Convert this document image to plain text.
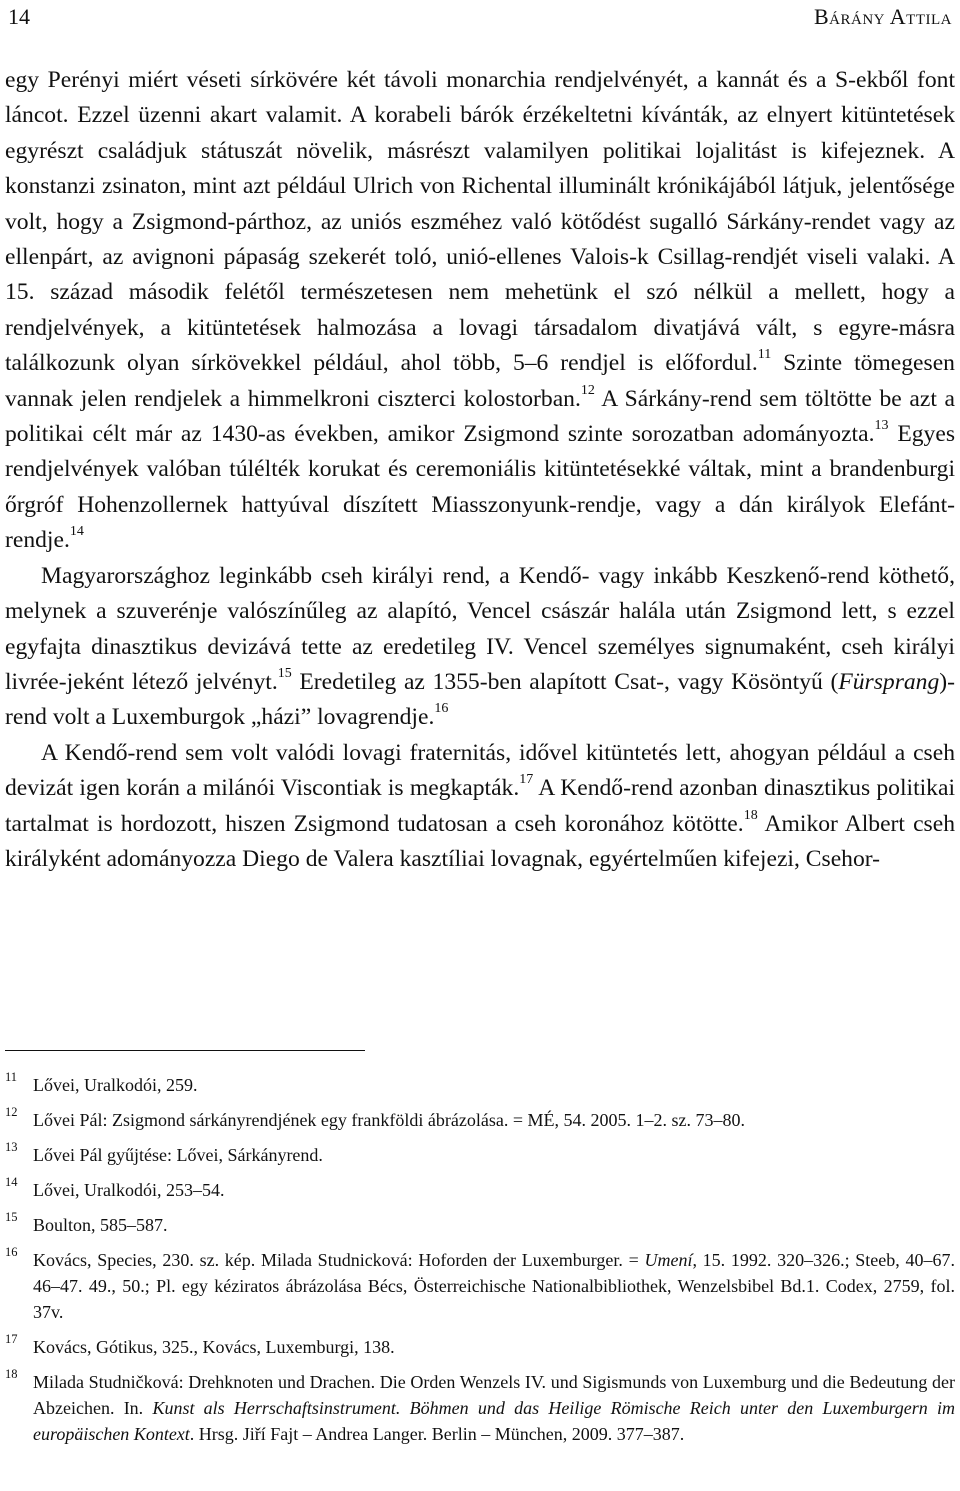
14	Bárány Attila

egy Perényi miért véseti sírkövére két távoli monarchia rendjelvényét, a kannát és a S-ekből font láncot. Ezzel üzenni akart valamit. A korabeli bárók érzékeltetni kívánták, az elnyert kitüntetések egyrészt családjuk státuszát növelik, másrészt valamilyen politikai lojalitást is kifejeznek. A konstanzi zsinaton, mint azt például Ulrich von Richental illuminált krónikájából látjuk, jelentősége volt, hogy a Zsigmond-párthoz, az uniós eszméhez való kötődést sugalló Sárkány-rendet vagy az ellenpárt, az avignoni pápaság szekerét toló, unió-ellenes Valois-k Csillag-rendjét viseli valaki. A 15. század második felétől természetesen nem mehetünk el szó nélkül a mellett, hogy a rendjelvények, a kitüntetések halmozása a lovagi társadalom divatjává vált, s egyre-másra találkozunk olyan sírkövekkel például, ahol több, 5–6 rendjel is előfordul.$^{11}$ Szinte tömegesen vannak jelen rendjelek a himmelkroni ciszterci kolostorban.$^{12}$ A Sárkány-rend sem töltötte be azt a politikai célt már az 1430-as években, amikor Zsigmond szinte sorozatban adományozta.$^{13}$ Egyes rendjelvények valóban túlélték korukat és ceremoniális kitüntetésekké váltak, mint a brandenburgi őrgróf Hohenzollernek hattyúval díszített Miasszonyunk-rendje, vagy a dán királyok Elefánt-rendje.$^{14}$

Magyarországhoz leginkább cseh királyi rend, a Kendő- vagy inkább Keszkenő-rend köthető, melynek a szuverénje valószínűleg az alapító, Vencel császár halála után Zsigmond lett, s ezzel egyfajta dinasztikus devizává tette az eredetileg IV. Vencel személyes signumaként, cseh királyi livrée-jeként létező jelvényt.$^{15}$ Eredetileg az 1355-ben alapított Csat-, vagy Kösöntyű (Fürsprang)-rend volt a Luxemburgok „házi” lovagrendje.$^{16}$

A Kendő-rend sem volt valódi lovagi fraternitás, idővel kitüntetés lett, ahogyan például a cseh devizát igen korán a milánói Viscontiak is megkapták.$^{17}$ A Kendő-rend azonban dinasztikus politikai tartalmat is hordozott, hiszen Zsigmond tudatosan a cseh koronához kötötte.$^{18}$ Amikor Albert cseh királyként adományozza Diego de Valera kasztíliai lovagnak, egyértelműen kifejezi, Csehor-

11 Lővei, Uralkodói, 259.
12 Lővei Pál: Zsigmond sárkányrendjének egy frankföldi ábrázolása. = MÉ, 54. 2005. 1–2. sz. 73–80.
13 Lővei Pál gyűjtése: Lővei, Sárkányrend.
14 Lővei, Uralkodói, 253–54.
15 Boulton, 585–587.
16 Kovács, Species, 230. sz. kép. Milada Studnicková: Hoforden der Luxemburger. = Umení, 15. 1992. 320–326.; Steeb, 40–67. 46–47. 49., 50.; Pl. egy kéziratos ábrázolása Bécs, Österreichische Nationalbibliothek, Wenzelsbibel Bd.1. Codex, 2759, fol. 37v.
17 Kovács, Gótikus, 325., Kovács, Luxemburgi, 138.
18 Milada Studničková: Drehknoten und Drachen. Die Orden Wenzels IV. und Sigismunds von Luxemburg und die Bedeutung der Abzeichen. In. Kunst als Herrschaftsinstrument. Böhmen und das Heilige Römische Reich unter den Luxemburgern im europäischen Kontext. Hrsg. Jiří Fajt – Andrea Langer. Berlin – München, 2009. 377–387.
